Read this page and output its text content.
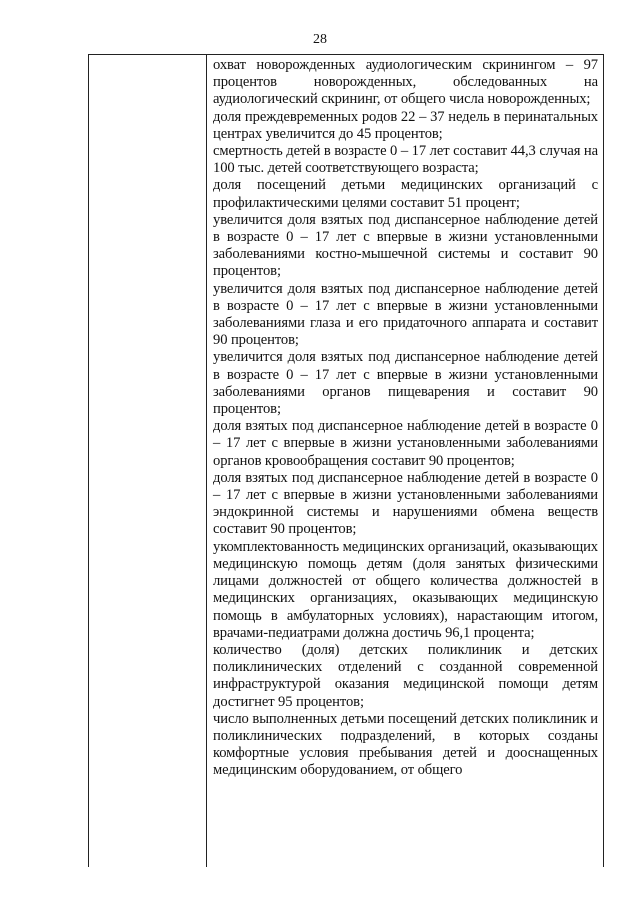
28

охват новорожденных аудиологическим скринингом – 97 процентов новорожденных, обследованных на аудиологический скрининг, от общего числа новорожденных;

доля преждевременных родов 22 – 37 недель в перинатальных центрах увеличится до 45 процентов;

смертность детей в возрасте 0 – 17 лет составит 44,3 случая на 100 тыс. детей соответствующего возраста;

доля посещений детьми медицинских организаций с профилактическими целями составит 51 процент;

увеличится доля взятых под диспансерное наблюдение детей в возрасте 0 – 17 лет с впервые в жизни установленными заболеваниями костно-мышечной системы и составит 90 процентов;

увеличится доля взятых под диспансерное наблюдение детей в возрасте 0 – 17 лет с впервые в жизни установленными заболеваниями глаза и его придаточного аппарата и составит 90 процентов;

увеличится доля взятых под диспансерное наблюдение детей в возрасте 0 – 17 лет с впервые в жизни установленными заболеваниями органов пищеварения и составит 90 процентов;

доля взятых под диспансерное наблюдение детей в возрасте 0 – 17 лет с впервые в жизни установленными заболеваниями органов кровообращения составит 90 процентов;

доля взятых под диспансерное наблюдение детей в возрасте 0 – 17 лет с впервые в жизни установленными заболеваниями эндокринной системы и нарушениями обмена веществ составит 90 процентов;

укомплектованность медицинских организаций, оказывающих медицинскую помощь детям (доля занятых физическими лицами должностей от общего количества должностей в медицинских организациях, оказывающих медицинскую помощь в амбулаторных условиях), нарастающим итогом, врачами-педиатрами должна достичь 96,1 процента;

количество (доля) детских поликлиник и детских поликлинических отделений с созданной современной инфраструктурой оказания медицинской помощи детям достигнет 95 процентов;

число выполненных детьми посещений детских поликлиник и поликлинических подразделений, в которых созданы комфортные условия пребывания детей и дооснащенных медицинским оборудованием, от общего
